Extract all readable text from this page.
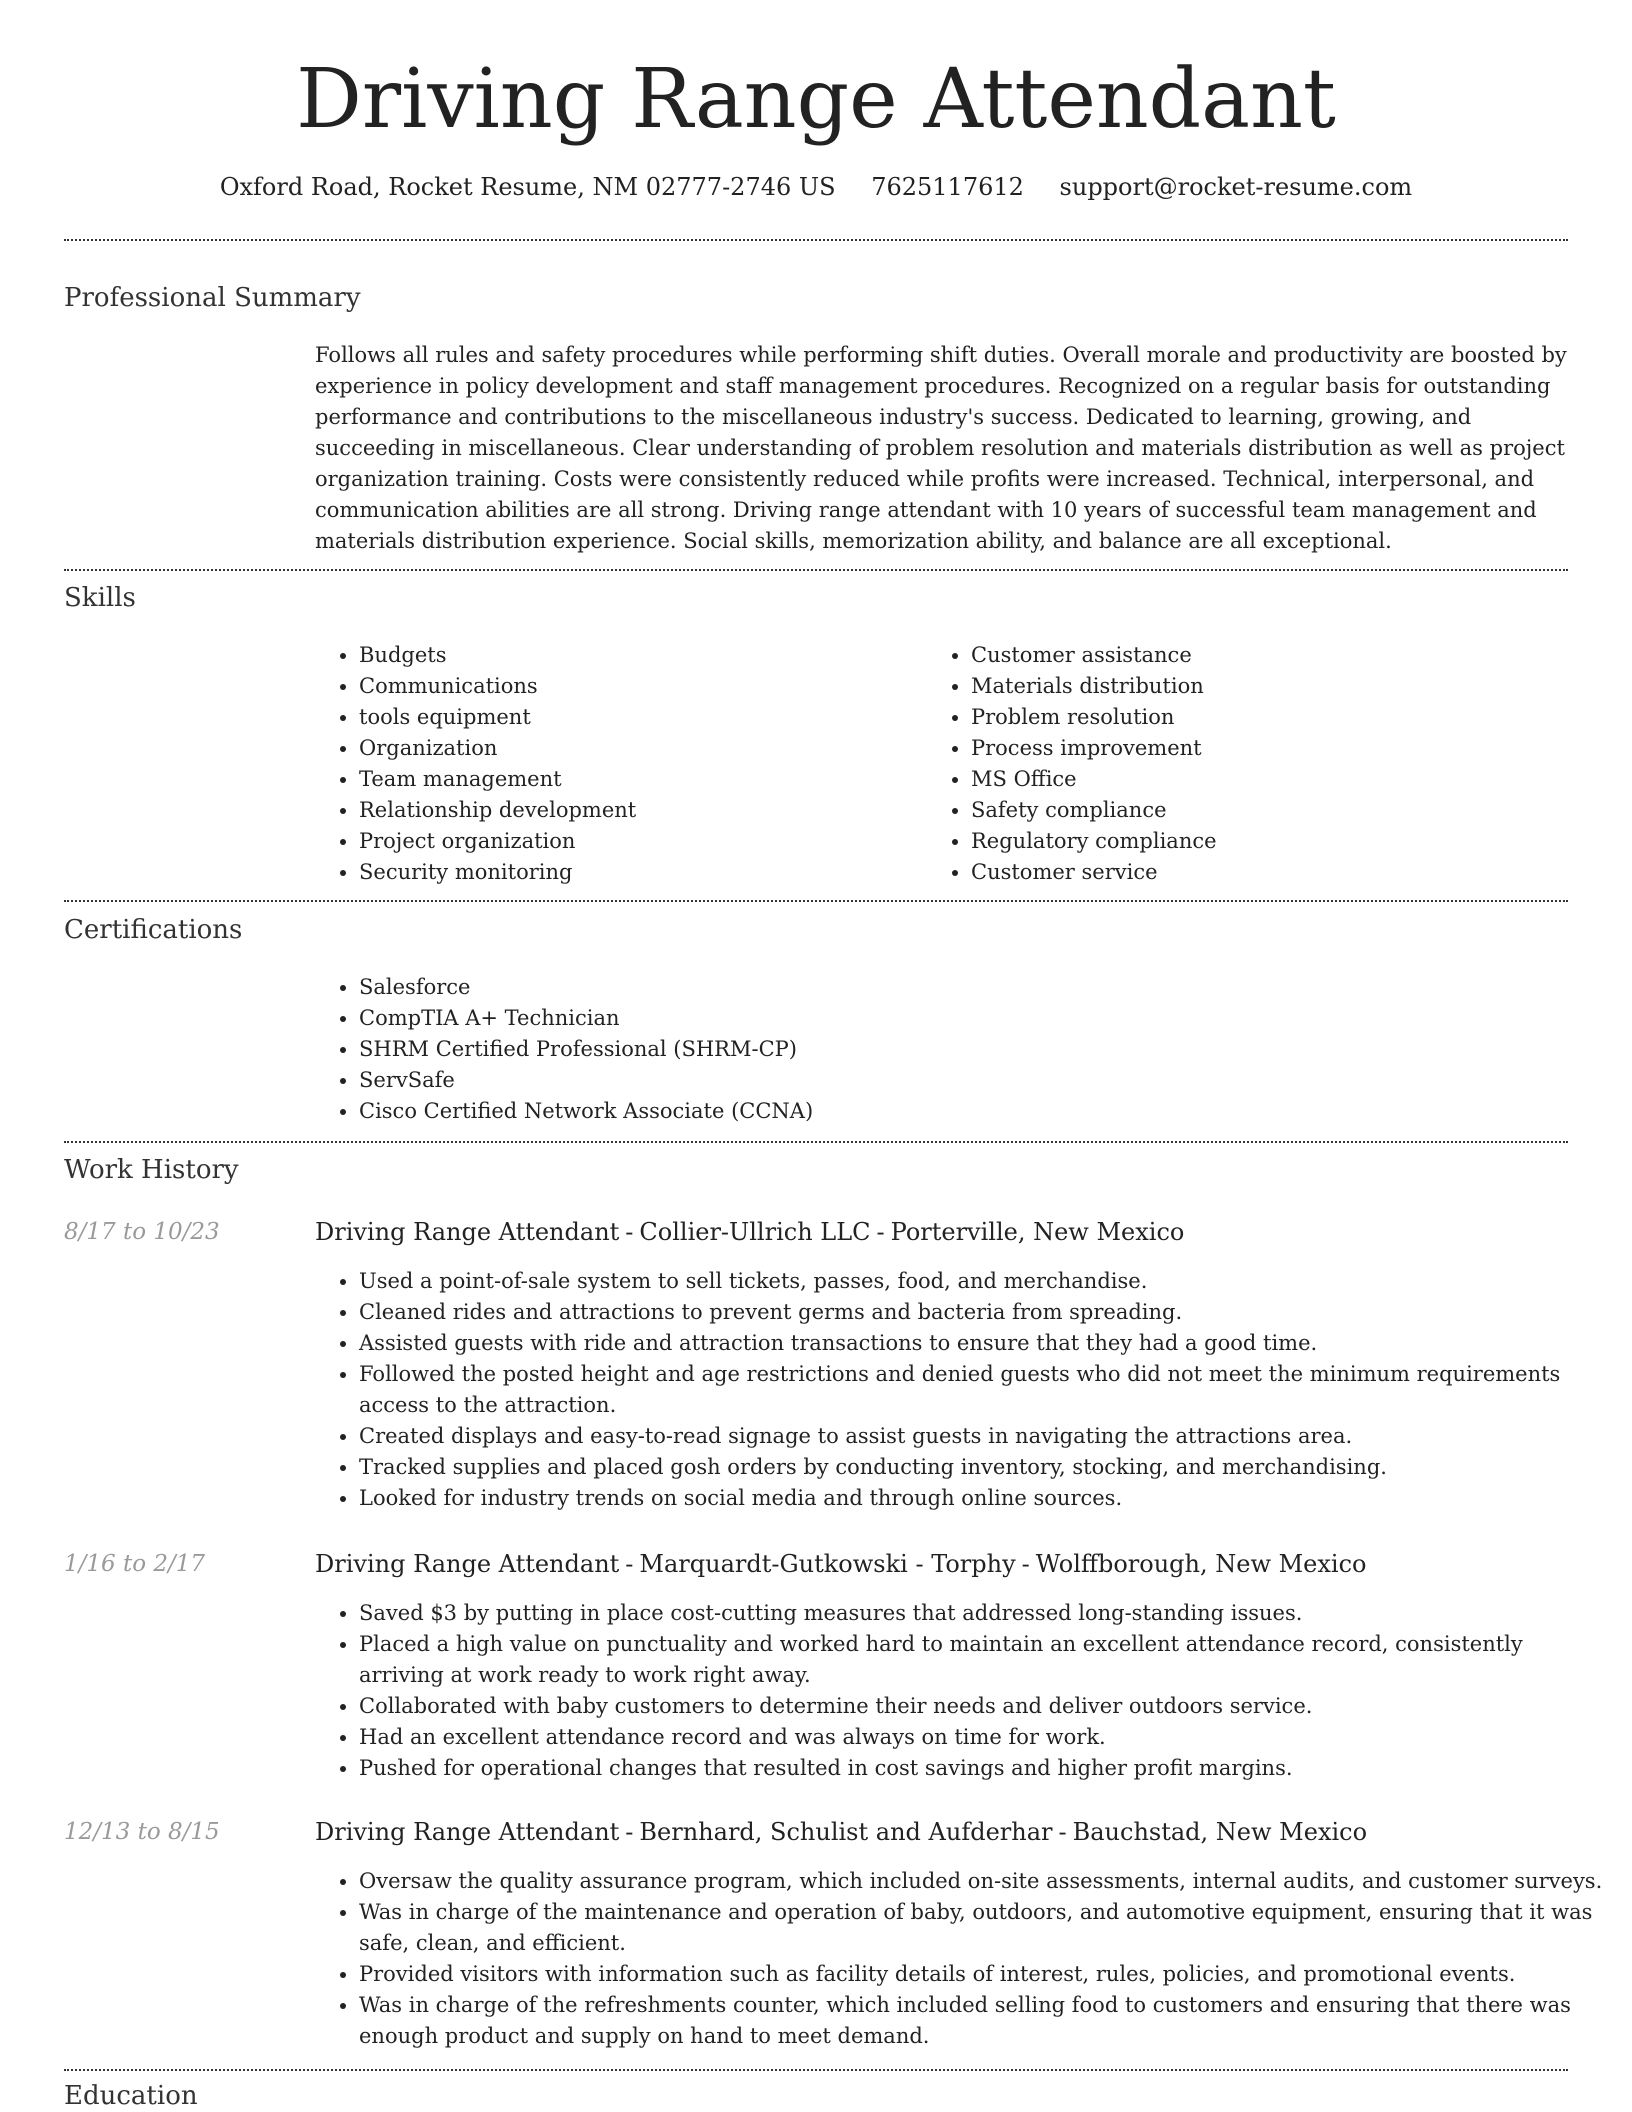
Driving Range Attendant
Oxford Road, Rocket Resume, NM 02777-2746 US 7625117612 support@rocket-resume.com
Professional Summary

Follows all rules and safety procedures while performing shift duties. Overall morale and productivity are boosted by experience in policy development and staff management procedures. Recognized on a regular basis for outstanding performance and contributions to the miscellaneous industry's success. Dedicated to learning, growing, and succeeding in miscellaneous. Clear understanding of problem resolution and materials distribution as well as project organization training. Costs were consistently reduced while profits were increased. Technical, interpersonal, and communication abilities are all strong. Driving range attendant with 10 years of successful team management and materials distribution experience. Social skills, memorization ability, and balance are all exceptional.

Skills
• Budgets
• Communications
• tools equipment
• Organization
• Team management
• Relationship development
• Project organization
• Security monitoring
• Customer assistance
• Materials distribution
• Problem resolution
• Process improvement
• MS Office
• Safety compliance
• Regulatory compliance
• Customer service
Certifications
• Salesforce
• CompTIA A+ Technician
• SHRM Certified Professional (SHRM-CP)
• ServSafe
• Cisco Certified Network Associate (CCNA)
Work History
8/17 to 10/23	Driving Range Attendant - Collier-Ullrich LLC - Porterville, New Mexico
• Used a point-of-sale system to sell tickets, passes, food, and merchandise.
• Cleaned rides and attractions to prevent germs and bacteria from spreading.
• Assisted guests with ride and attraction transactions to ensure that they had a good time.
• Followed the posted height and age restrictions and denied guests who did not meet the minimum requirements access to the attraction.
• Created displays and easy-to-read signage to assist guests in navigating the attractions area.
• Tracked supplies and placed gosh orders by conducting inventory, stocking, and merchandising.
• Looked for industry trends on social media and through online sources.
1/16 to 2/17	Driving Range Attendant - Marquardt-Gutkowski - Torphy - Wolffborough, New Mexico
• Saved $3 by putting in place cost-cutting measures that addressed long-standing issues.
• Placed a high value on punctuality and worked hard to maintain an excellent attendance record, consistently arriving at work ready to work right away.
• Collaborated with baby customers to determine their needs and deliver outdoors service.
• Had an excellent attendance record and was always on time for work.
• Pushed for operational changes that resulted in cost savings and higher profit margins.
12/13 to 8/15	Driving Range Attendant - Bernhard, Schulist and Aufderhar - Bauchstad, New Mexico
• Oversaw the quality assurance program, which included on-site assessments, internal audits, and customer surveys.
• Was in charge of the maintenance and operation of baby, outdoors, and automotive equipment, ensuring that it was safe, clean, and efficient.
• Provided visitors with information such as facility details of interest, rules, policies, and promotional events.
• Was in charge of the refreshments counter, which included selling food to customers and ensuring that there was enough product and supply on hand to meet demand.
Education
